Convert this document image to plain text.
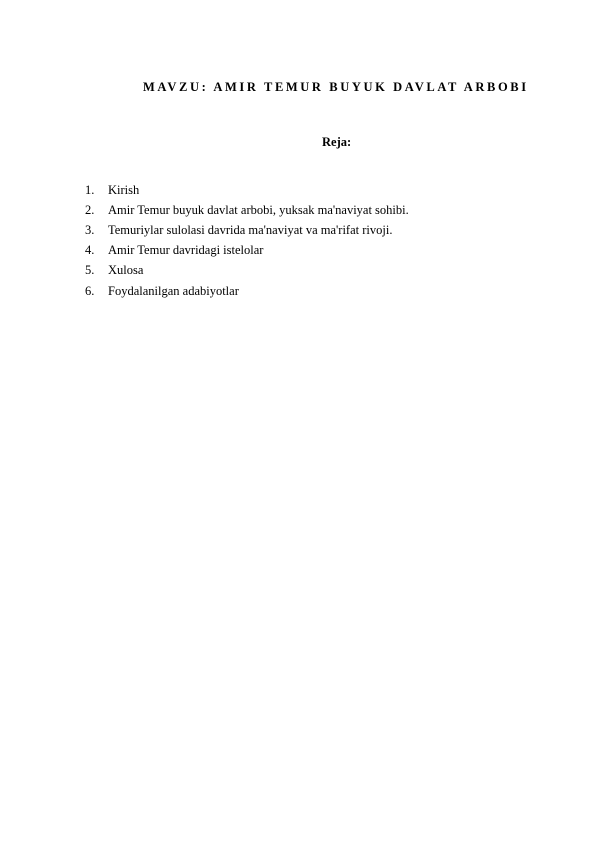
MAVZU: AMIR TEMUR BUYUK DAVLAT ARBOBI
Reja:
1.	Kirish
2.	Amir Temur buyuk davlat arbobi, yuksak ma'naviyat sohibi.
3.	Temuriylar sulolasi davrida ma'naviyat va ma'rifat rivoji.
4.	Amir Temur davridagi istelolar
5.	Xulosa
6.	Foydalanilgan adabiyotlar
